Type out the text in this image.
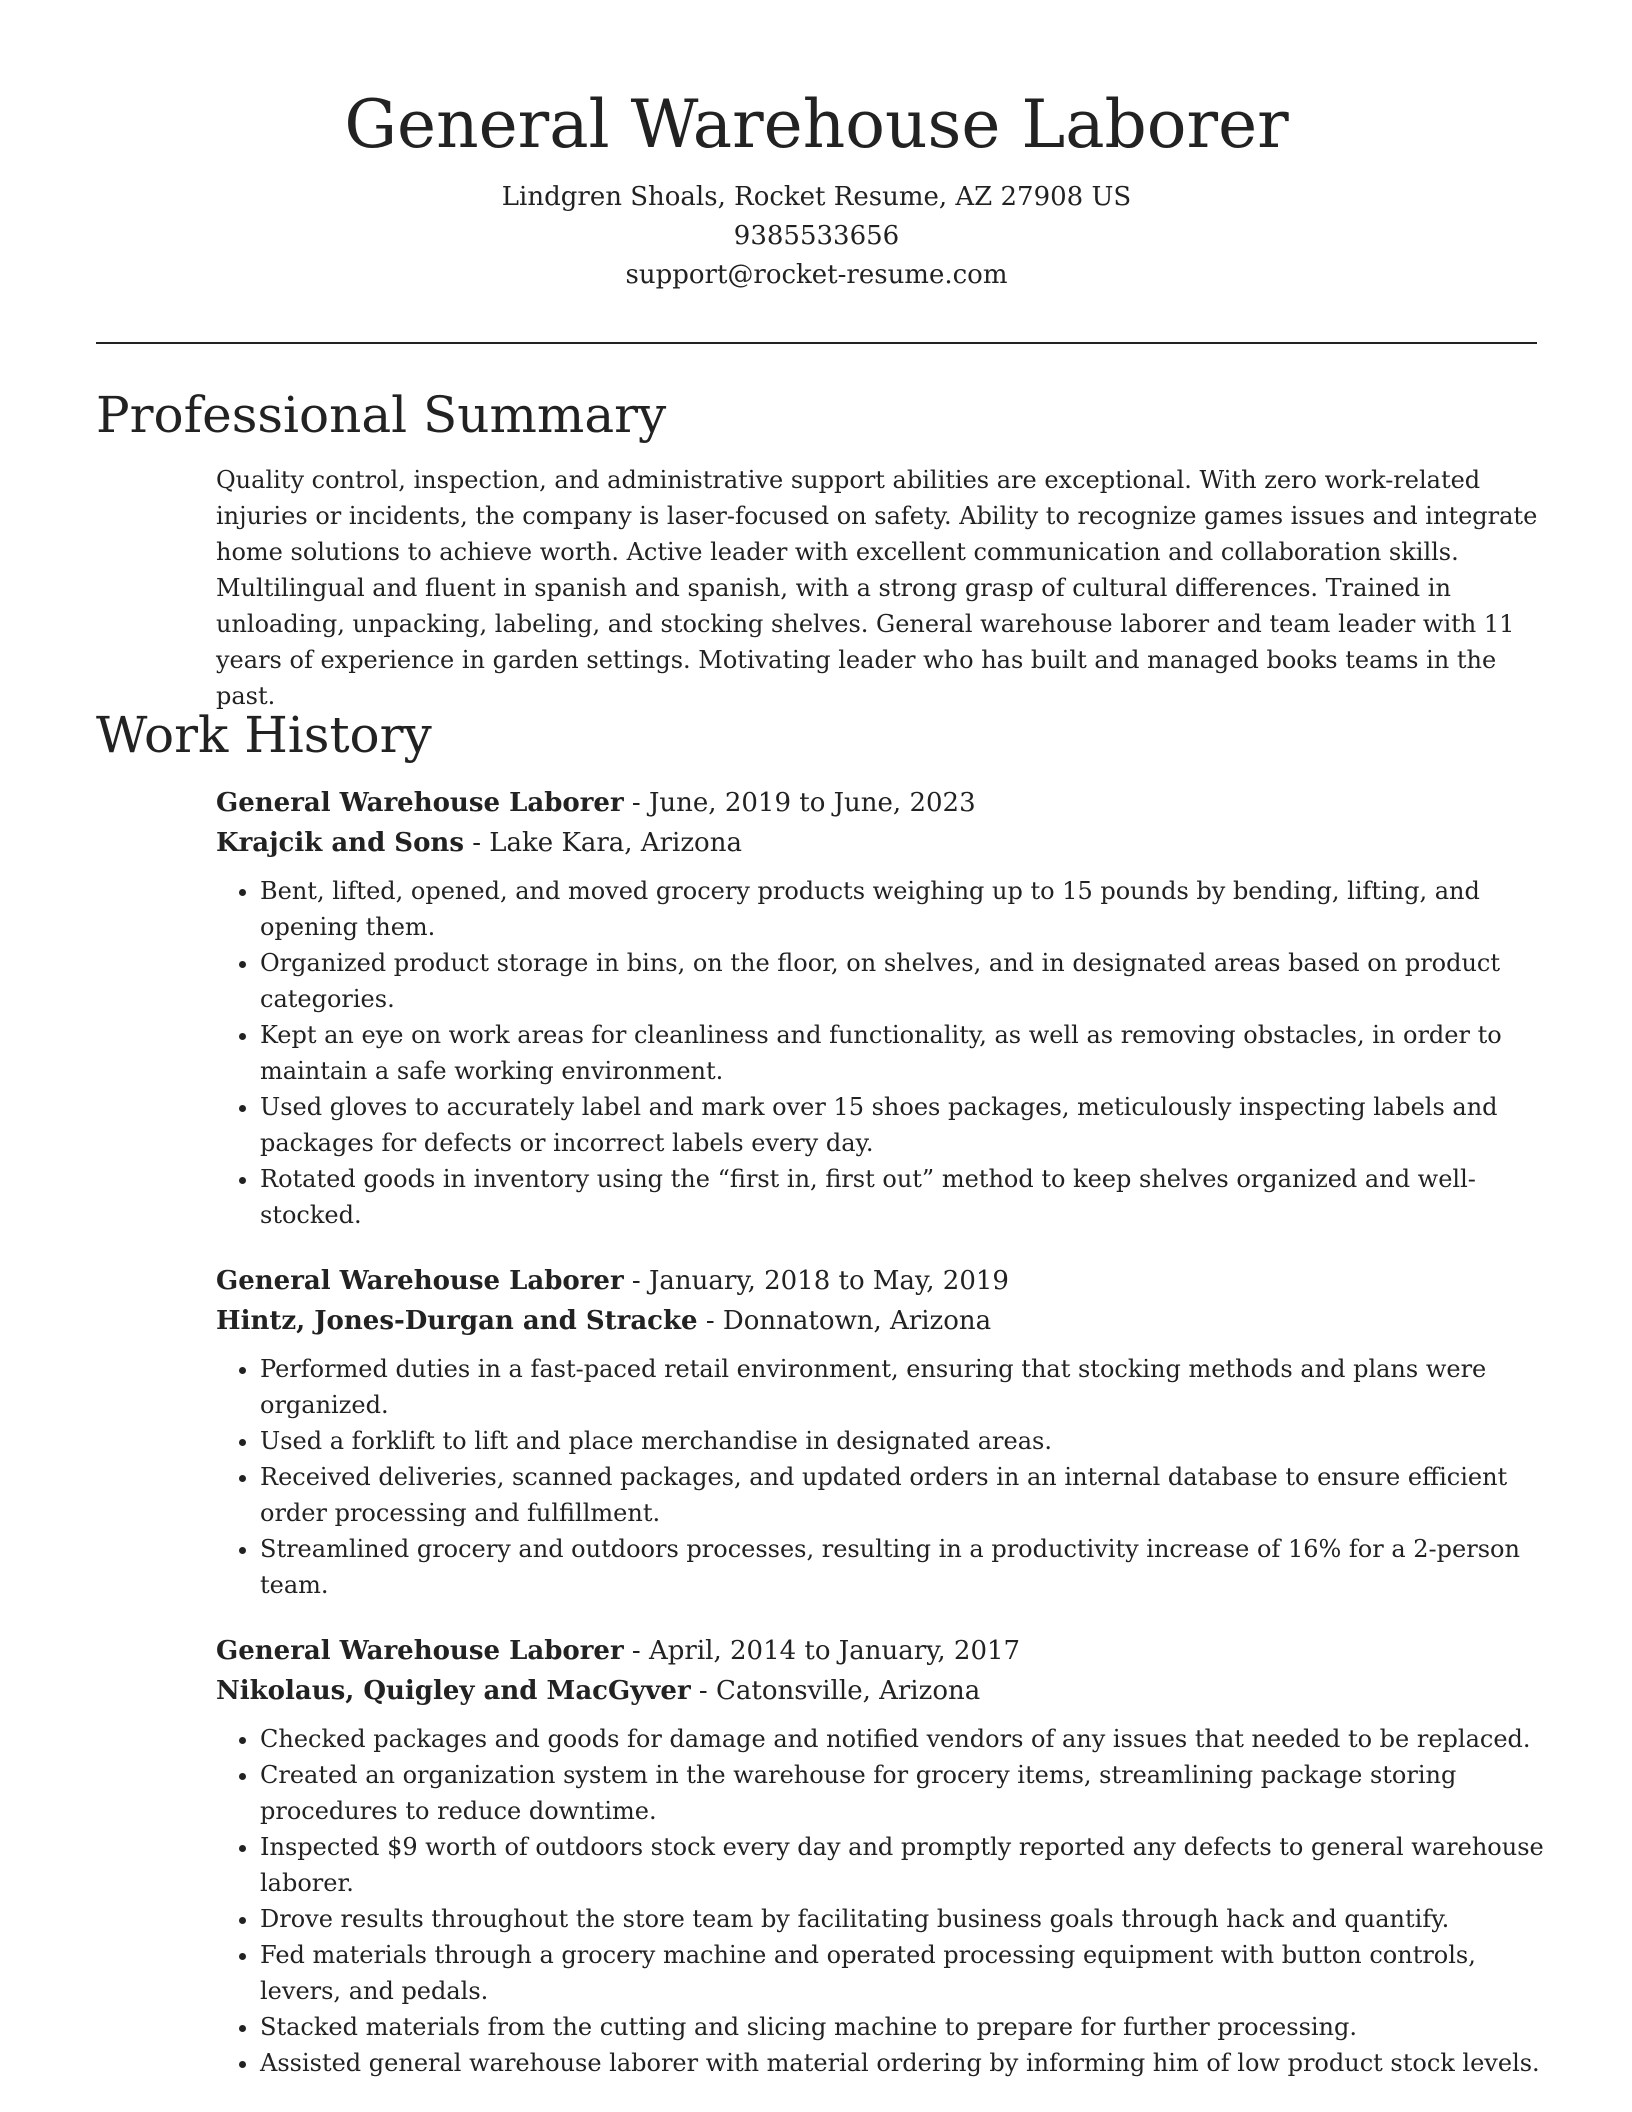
General Warehouse Laborer

Lindgren Shoals, Rocket Resume, AZ 27908 US

9385533656

support@rocket-resume.com

Professional Summary

Quality control, inspection, and administrative support abilities are exceptional. With zero work-related injuries or incidents, the company is laser-focused on safety. Ability to recognize games issues and integrate home solutions to achieve worth. Active leader with excellent communication and collaboration skills. Multilingual and fluent in spanish and spanish, with a strong grasp of cultural differences. Trained in unloading, unpacking, labeling, and stocking shelves. General warehouse laborer and team leader with 11 years of experience in garden settings. Motivating leader who has built and managed books teams in the past.

Work History

General Warehouse Laborer - June, 2019 to June, 2023

Krajcik and Sons - Lake Kara, Arizona

• Bent, lifted, opened, and moved grocery products weighing up to 15 pounds by bending, lifting, and opening them.
• Organized product storage in bins, on the floor, on shelves, and in designated areas based on product categories.
• Kept an eye on work areas for cleanliness and functionality, as well as removing obstacles, in order to maintain a safe working environment.
• Used gloves to accurately label and mark over 15 shoes packages, meticulously inspecting labels and packages for defects or incorrect labels every day.
• Rotated goods in inventory using the “first in, first out” method to keep shelves organized and well-stocked.

General Warehouse Laborer - January, 2018 to May, 2019

Hintz, Jones-Durgan and Stracke - Donnatown, Arizona

• Performed duties in a fast-paced retail environment, ensuring that stocking methods and plans were organized.
• Used a forklift to lift and place merchandise in designated areas.
• Received deliveries, scanned packages, and updated orders in an internal database to ensure efficient order processing and fulfillment.
• Streamlined grocery and outdoors processes, resulting in a productivity increase of 16% for a 2-person team.

General Warehouse Laborer - April, 2014 to January, 2017

Nikolaus, Quigley and MacGyver - Catonsville, Arizona

• Checked packages and goods for damage and notified vendors of any issues that needed to be replaced.
• Created an organization system in the warehouse for grocery items, streamlining package storing procedures to reduce downtime.
• Inspected $9 worth of outdoors stock every day and promptly reported any defects to general warehouse laborer.
• Drove results throughout the store team by facilitating business goals through hack and quantify.
• Fed materials through a grocery machine and operated processing equipment with button controls, levers, and pedals.
• Stacked materials from the cutting and slicing machine to prepare for further processing.
• Assisted general warehouse laborer with material ordering by informing him of low product stock levels.
